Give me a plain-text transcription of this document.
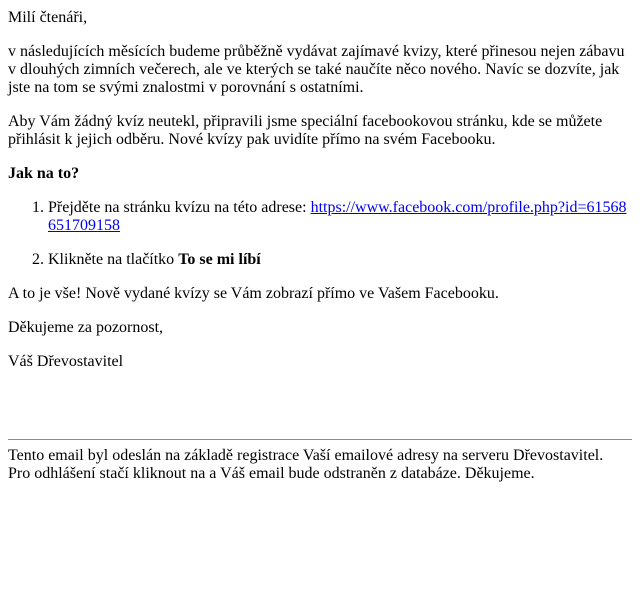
Milí čtenáři,

v následujících měsících budeme průběžně vydávat zajímavé kvizy, které přinesou nejen zábavu v dlouhých zimních večerech, ale ve kterých se také naučíte něco nového. Navíc se dozvíte, jak jste na tom se svými znalostmi v porovnání s ostatními.

Aby Vám žádný kvíz neutekl, připravili jsme speciální facebookovou stránku, kde se můžete přihlásit k jejich odběru. Nové kvízy pak uvidíte přímo na svém Facebooku.

Jak na to?

1. Přejděte na stránku kvízu na této adrese: https://www.facebook.com/profile.php?id=61568651709158
2. Klikněte na tlačítko To se mi líbí

A to je vše! Nově vydané kvízy se Vám zobrazí přímo ve Vašem Facebooku.

Děkujeme za pozornost,

Váš Dřevostavitel

Tento email byl odeslán na základě registrace Vaší emailové adresy na serveru Dřevostavitel.

Pro odhlášení stačí kliknout na a Váš email bude odstraněn z databáze. Děkujeme.
